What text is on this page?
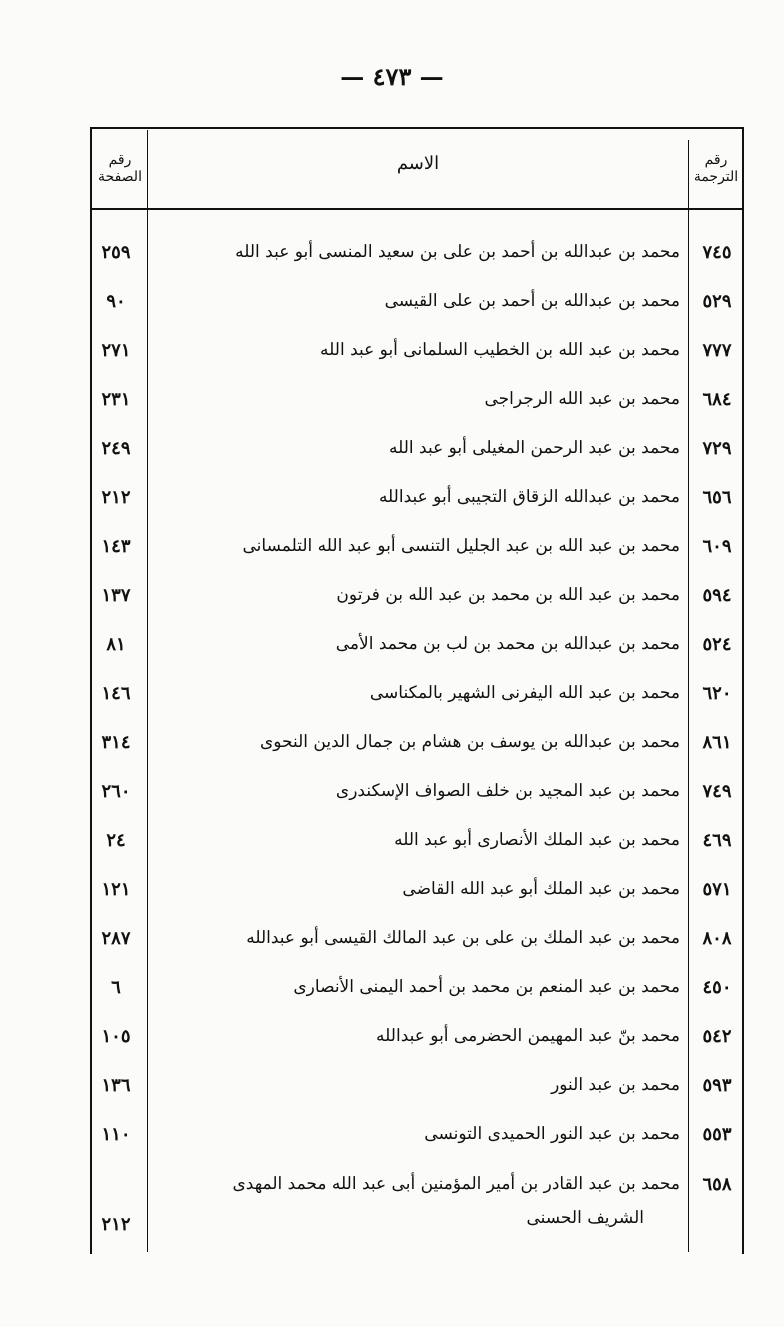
— ٤٧٣ —
رقم الترجمة
الاسم
رقم الصفحة
٧٤٥
محمد بن عبدالله بن أحمد بن على بن سعيد المنسى أبو عبد الله
٢٥٩
٥٢٩
محمد بن عبدالله بن أحمد بن على القيسى
٩٠
٧٧٧
محمد بن عبد الله بن الخطيب السلمانى أبو عبد الله
٢٧١
٦٨٤
محمد بن عبد الله الرجراجى
٢٣١
٧٢٩
محمد بن عبد الرحمن المغيلى أبو عبد الله
٢٤٩
٦٥٦
محمد بن عبدالله الزقاق التجيبى أبو عبدالله
٢١٢
٦٠٩
محمد بن عبد الله بن عبد الجليل التنسى أبو عبد الله التلمسانى
١٤٣
٥٩٤
محمد بن عبد الله بن محمد بن عبد الله بن فرتون
١٣٧
٥٢٤
محمد بن عبدالله بن محمد بن لب بن محمد الأمى
٨١
٦٢٠
محمد بن عبد الله اليفرنى الشهير بالمكناسى
١٤٦
٨٦١
محمد بن عبدالله بن يوسف بن هشام بن جمال الدين النحوى
٣١٤
٧٤٩
محمد بن عبد المجيد بن خلف الصواف الإسكندرى
٢٦٠
٤٦٩
محمد بن عبد الملك الأنصارى أبو عبد الله
٢٤
٥٧١
محمد بن عبد الملك أبو عبد الله القاضى
١٢١
٨٠٨
محمد بن عبد الملك بن على بن عبد المالك القيسى أبو عبدالله
٢٨٧
٤٥٠
محمد بن عبد المنعم بن محمد بن أحمد اليمنى الأنصارى
٦
٥٤٢
محمد بنّ عبد المهيمن الحضرمى أبو عبدالله
١٠٥
٥٩٣
محمد بن عبد النور
١٣٦
٥٥٣
محمد بن عبد النور الحميدى التونسى
١١٠
٦٥٨
محمد بن عبد القادر بن أمير المؤمنين أبى عبد الله محمد المهدى
الشريف الحسنى
٢١٢
